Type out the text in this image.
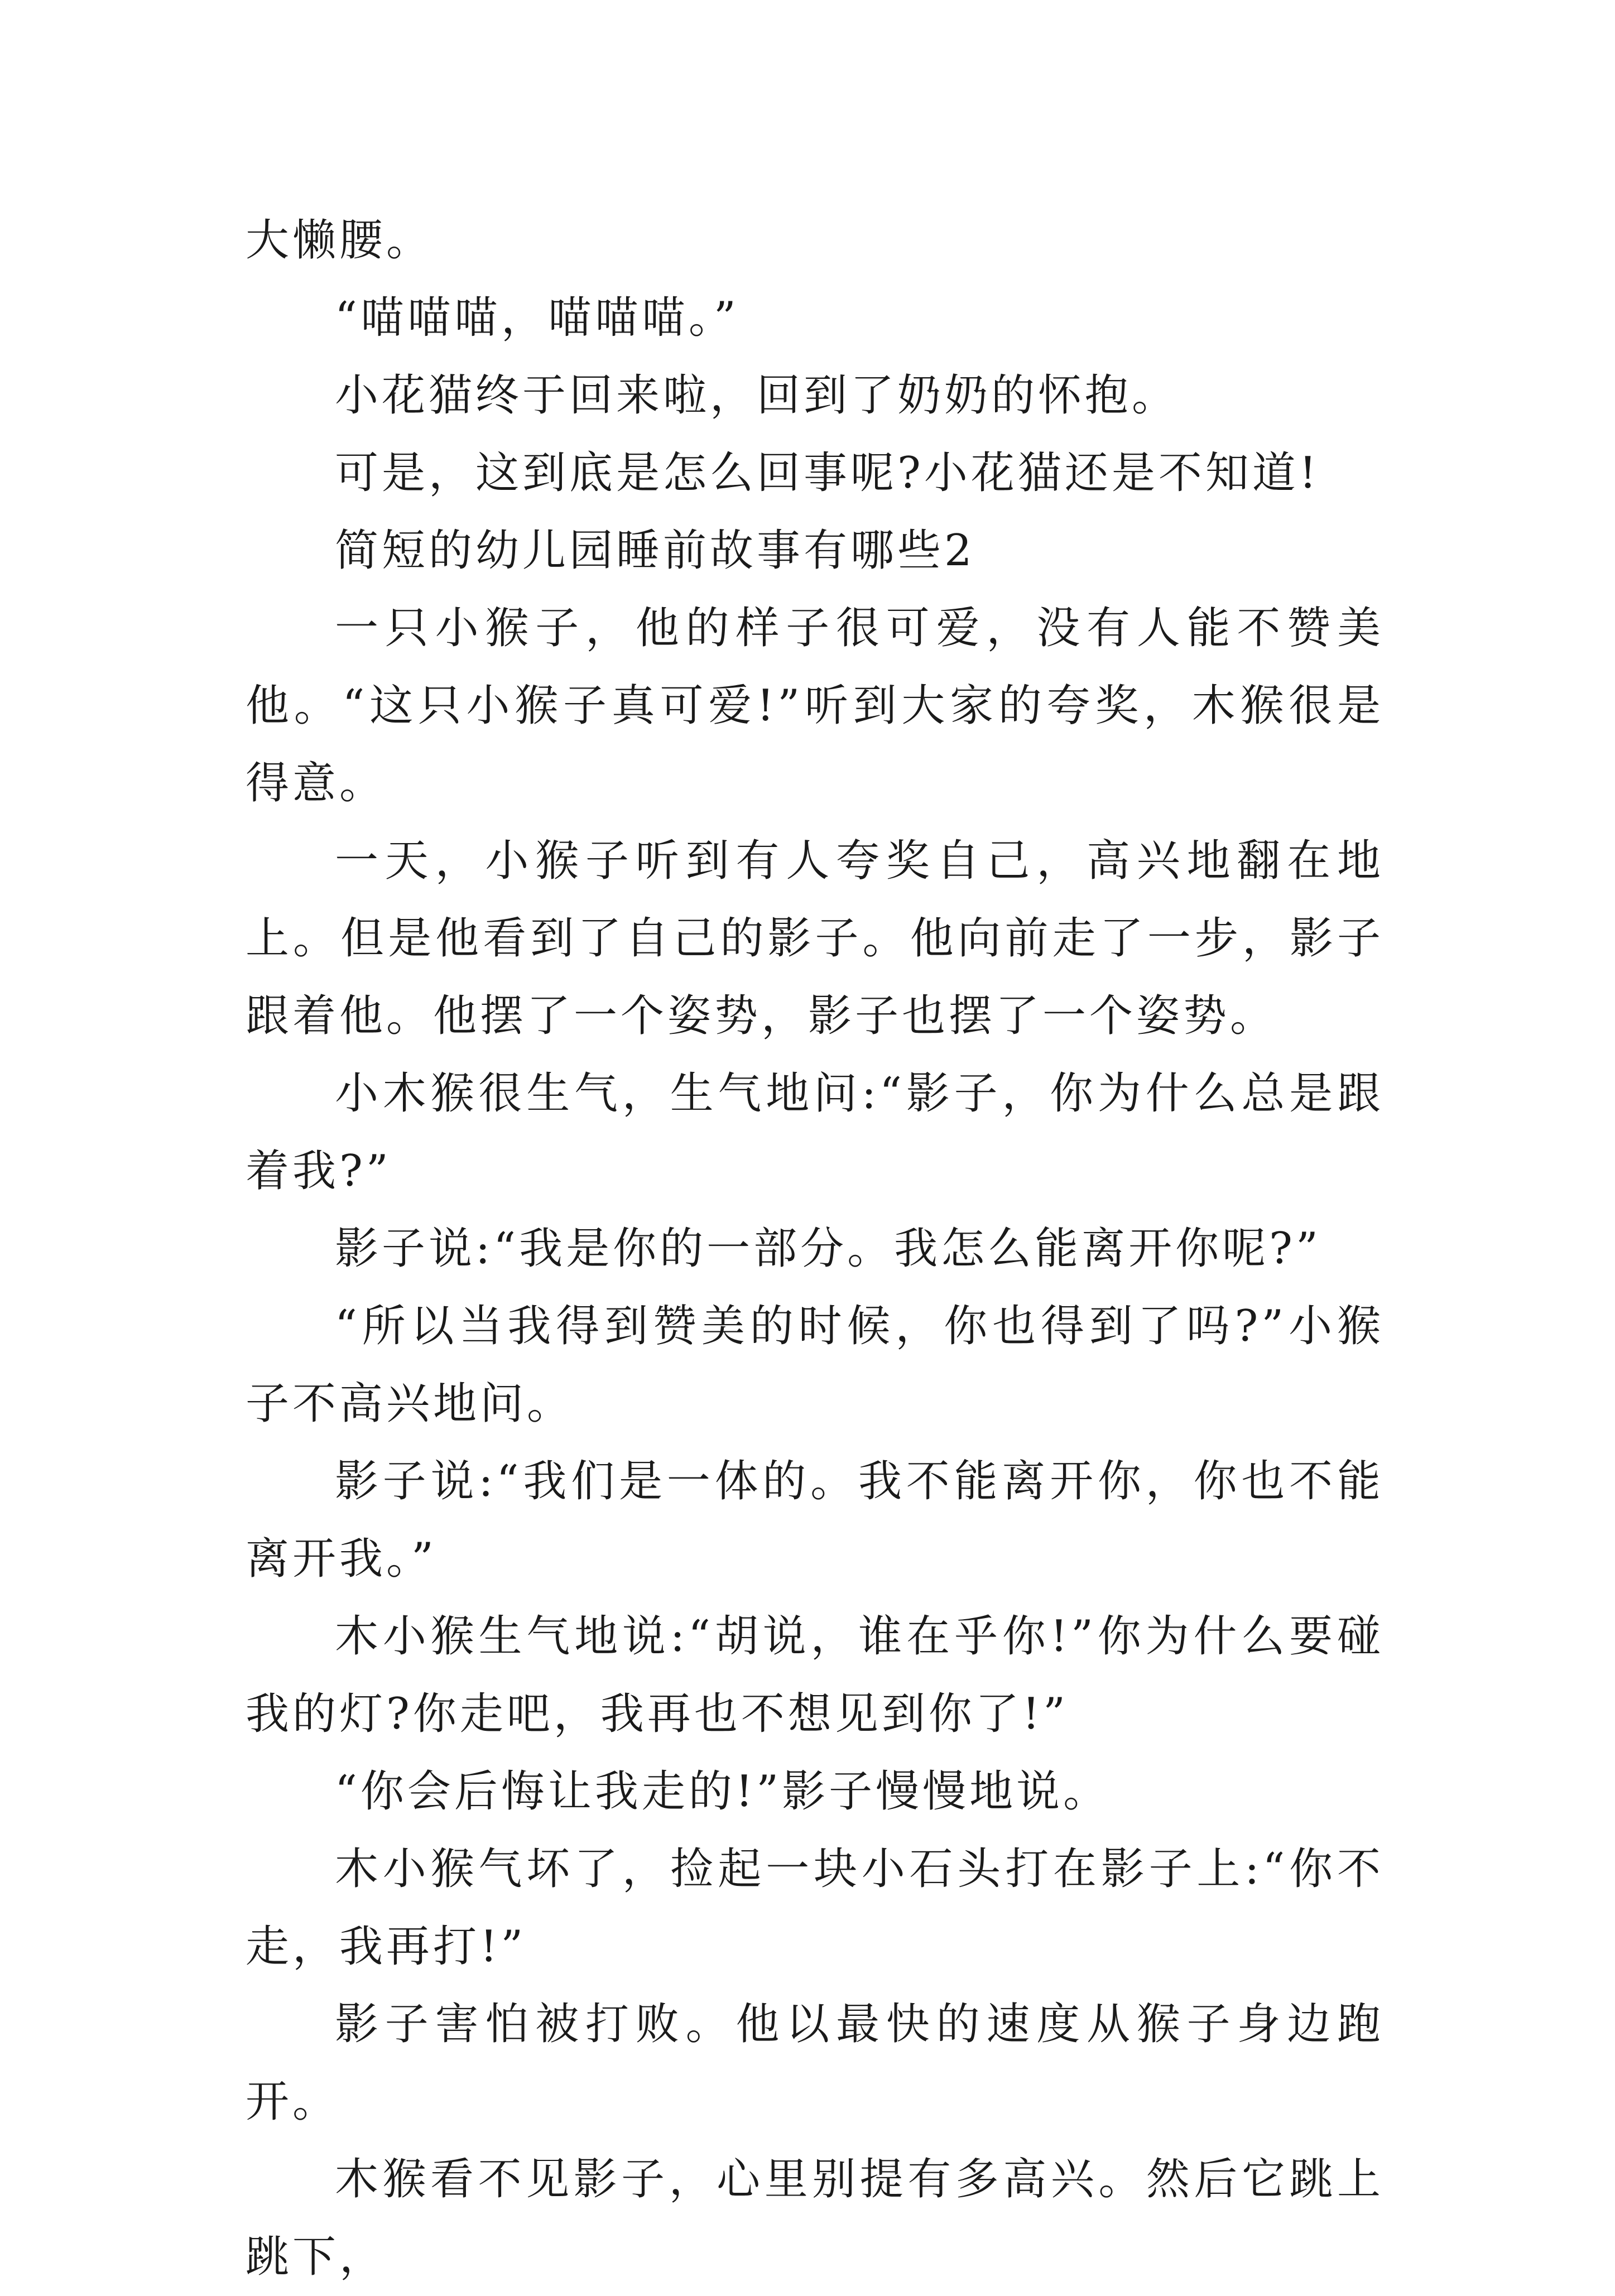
大懒腰。

“喵喵喵，喵喵喵。”

小花猫终于回来啦，回到了奶奶的怀抱。

可是，这到底是怎么回事呢?小花猫还是不知道!

简短的幼儿园睡前故事有哪些2

一只小猴子，他的样子很可爱，没有人能不赞美他。“这只小猴子真可爱!”听到大家的夸奖，木猴很是得意。

一天，小猴子听到有人夸奖自己，高兴地翻在地上。但是他看到了自己的影子。他向前走了一步，影子跟着他。他摆了一个姿势，影子也摆了一个姿势。

小木猴很生气，生气地问:“影子，你为什么总是跟着我?”

影子说:“我是你的一部分。我怎么能离开你呢?”

“所以当我得到赞美的时候，你也得到了吗?”小猴子不高兴地问。

影子说:“我们是一体的。我不能离开你，你也不能离开我。”

木小猴生气地说:“胡说，谁在乎你!”你为什么要碰我的灯?你走吧，我再也不想见到你了!”

“你会后悔让我走的!”影子慢慢地说。

木小猴气坏了，捡起一块小石头打在影子上:“你不走，我再打!”

影子害怕被打败。他以最快的速度从猴子身边跑开。

木猴看不见影子，心里别提有多高兴。然后它跳上跳下，
